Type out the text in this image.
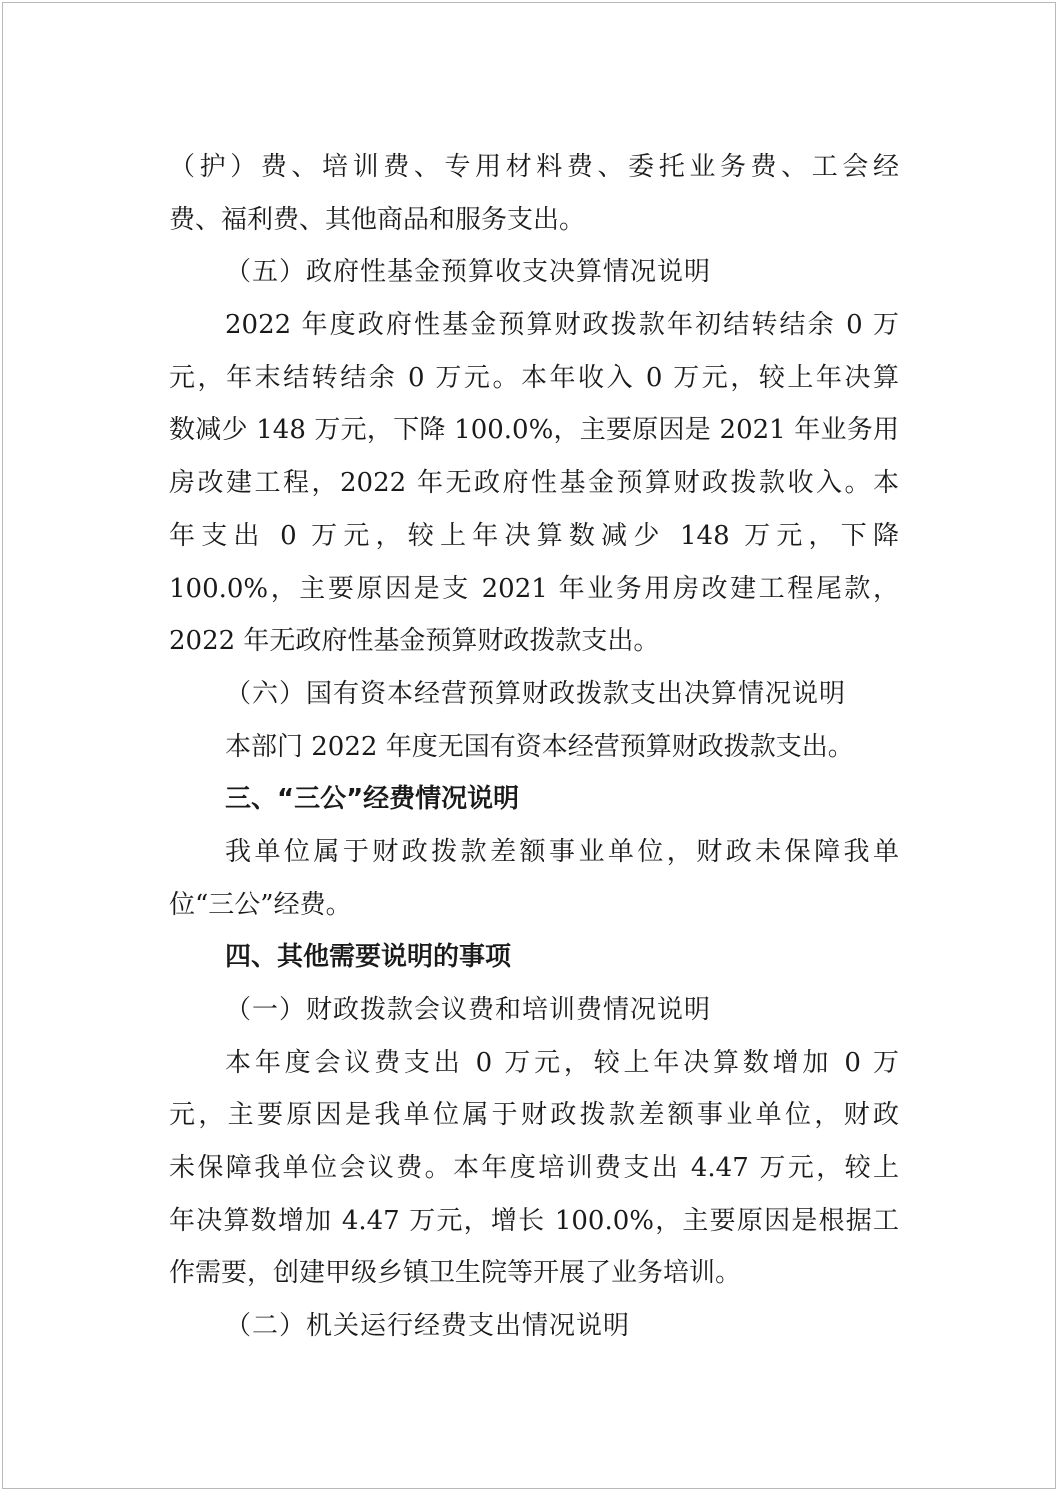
（护）费、培训费、专用材料费、委托业务费、工会经
费、福利费、其他商品和服务支出。
（五）政府性基金预算收支决算情况说明
2022 年度政府性基金预算财政拨款年初结转结余 0 万
元，年末结转结余 0 万元。本年收入 0 万元，较上年决算
数减少 148 万元，下降 100.0%，主要原因是 2021 年业务用
房改建工程，2022 年无政府性基金预算财政拨款收入。本
年支出 0 万元，较上年决算数减少 148 万元，下降
100.0%，主要原因是支 2021 年业务用房改建工程尾款，
2022 年无政府性基金预算财政拨款支出。
（六）国有资本经营预算财政拨款支出决算情况说明
本部门 2022 年度无国有资本经营预算财政拨款支出。
三、“三公”经费情况说明
我单位属于财政拨款差额事业单位，财政未保障我单
位“三公”经费。
四、其他需要说明的事项
（一）财政拨款会议费和培训费情况说明
本年度会议费支出 0 万元，较上年决算数增加 0 万
元，主要原因是我单位属于财政拨款差额事业单位，财政
未保障我单位会议费。本年度培训费支出 4.47 万元，较上
年决算数增加 4.47 万元，增长 100.0%，主要原因是根据工
作需要，创建甲级乡镇卫生院等开展了业务培训。
（二）机关运行经费支出情况说明
